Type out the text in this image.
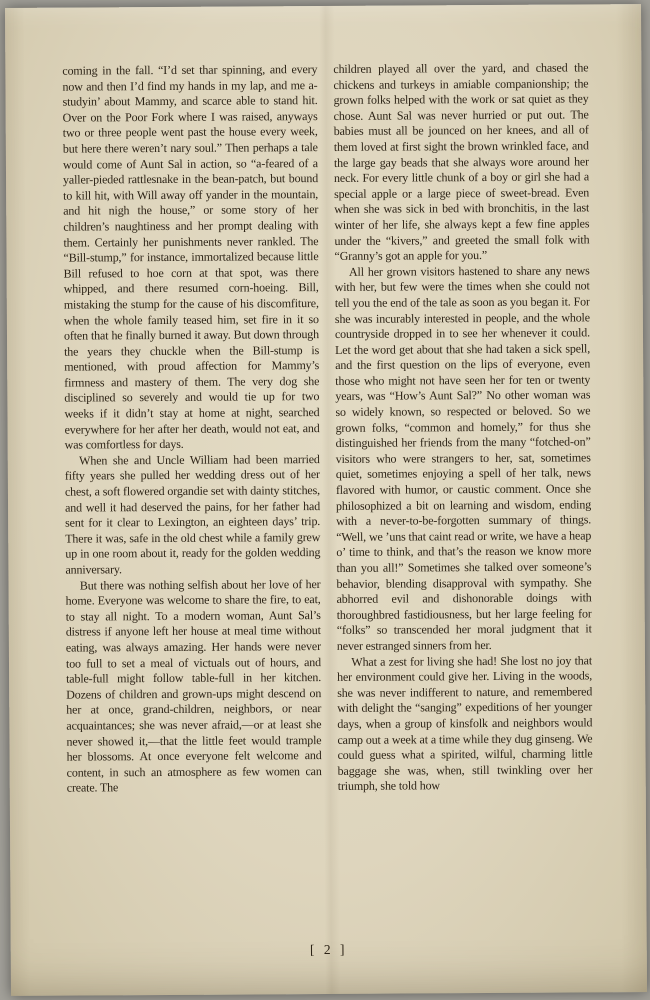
coming in the fall. “I’d set thar spinning, and every now and then I’d find my hands in my lap, and me a-studyin’ about Mammy, and scarce able to stand hit. Over on the Poor Fork where I was raised, anyways two or three people went past the house every week, but here there weren’t nary soul.” Then perhaps a tale would come of Aunt Sal in action, so “a-feared of a yaller-pieded rattlesnake in the bean-patch, but bound to kill hit, with Will away off yander in the mountain, and hit nigh the house,” or some story of her children’s naughtiness and her prompt dealing with them. Certainly her punishments never rankled. The “Bill-stump,” for instance, immortalized because little Bill refused to hoe corn at that spot, was there whipped, and there resumed corn-hoeing. Bill, mistaking the stump for the cause of his discomfiture, when the whole family teased him, set fire in it so often that he finally burned it away. But down through the years they chuckle when the Bill-stump is mentioned, with proud affection for Mammy’s firmness and mastery of them. The very dog she disciplined so severely and would tie up for two weeks if it didn’t stay at home at night, searched everywhere for her after her death, would not eat, and was comfortless for days.

When she and Uncle William had been married fifty years she pulled her wedding dress out of her chest, a soft flowered organdie set with dainty stitches, and well it had deserved the pains, for her father had sent for it clear to Lexington, an eighteen days’ trip. There it was, safe in the old chest while a family grew up in one room about it, ready for the golden wedding anniversary.

But there was nothing selfish about her love of her home. Everyone was welcome to share the fire, to eat, to stay all night. To a modern woman, Aunt Sal’s distress if anyone left her house at meal time without eating, was always amazing. Her hands were never too full to set a meal of victuals out of hours, and table-full might follow table-full in her kitchen. Dozens of children and grown-ups might descend on her at once, grand-children, neighbors, or near acquaintances; she was never afraid,—or at least she never showed it,—that the little feet would trample her blossoms. At once everyone felt welcome and content, in such an atmosphere as few women can create. The

children played all over the yard, and chased the chickens and turkeys in amiable companionship; the grown folks helped with the work or sat quiet as they chose. Aunt Sal was never hurried or put out. The babies must all be jounced on her knees, and all of them loved at first sight the brown wrinkled face, and the large gay beads that she always wore around her neck. For every little chunk of a boy or girl she had a special apple or a large piece of sweet-bread. Even when she was sick in bed with bronchitis, in the last winter of her life, she always kept a few fine apples under the “kivers,” and greeted the small folk with “Granny’s got an apple for you.”

All her grown visitors hastened to share any news with her, but few were the times when she could not tell you the end of the tale as soon as you began it. For she was incurably interested in people, and the whole countryside dropped in to see her whenever it could. Let the word get about that she had taken a sick spell, and the first question on the lips of everyone, even those who might not have seen her for ten or twenty years, was “How’s Aunt Sal?” No other woman was so widely known, so respected or beloved. So we grown folks, “common and homely,” for thus she distinguished her friends from the many “fotched-on” visitors who were strangers to her, sat, sometimes quiet, sometimes enjoying a spell of her talk, news flavored with humor, or caustic comment. Once she philosophized a bit on learning and wisdom, ending with a never-to-be-forgotten summary of things. “Well, we ’uns that caint read or write, we have a heap o’ time to think, and that’s the reason we know more than you all!” Sometimes she talked over someone’s behavior, blending disapproval with sympathy. She abhorred evil and dishonorable doings with thoroughbred fastidiousness, but her large feeling for “folks” so transcended her moral judgment that it never estranged sinners from her.

What a zest for living she had! She lost no joy that her environment could give her. Living in the woods, she was never indifferent to nature, and remembered with delight the “sanging” expeditions of her younger days, when a group of kinsfolk and neighbors would camp out a week at a time while they dug ginseng. We could guess what a spirited, wilful, charming little baggage she was, when, still twinkling over her triumph, she told how

[ 2 ]
